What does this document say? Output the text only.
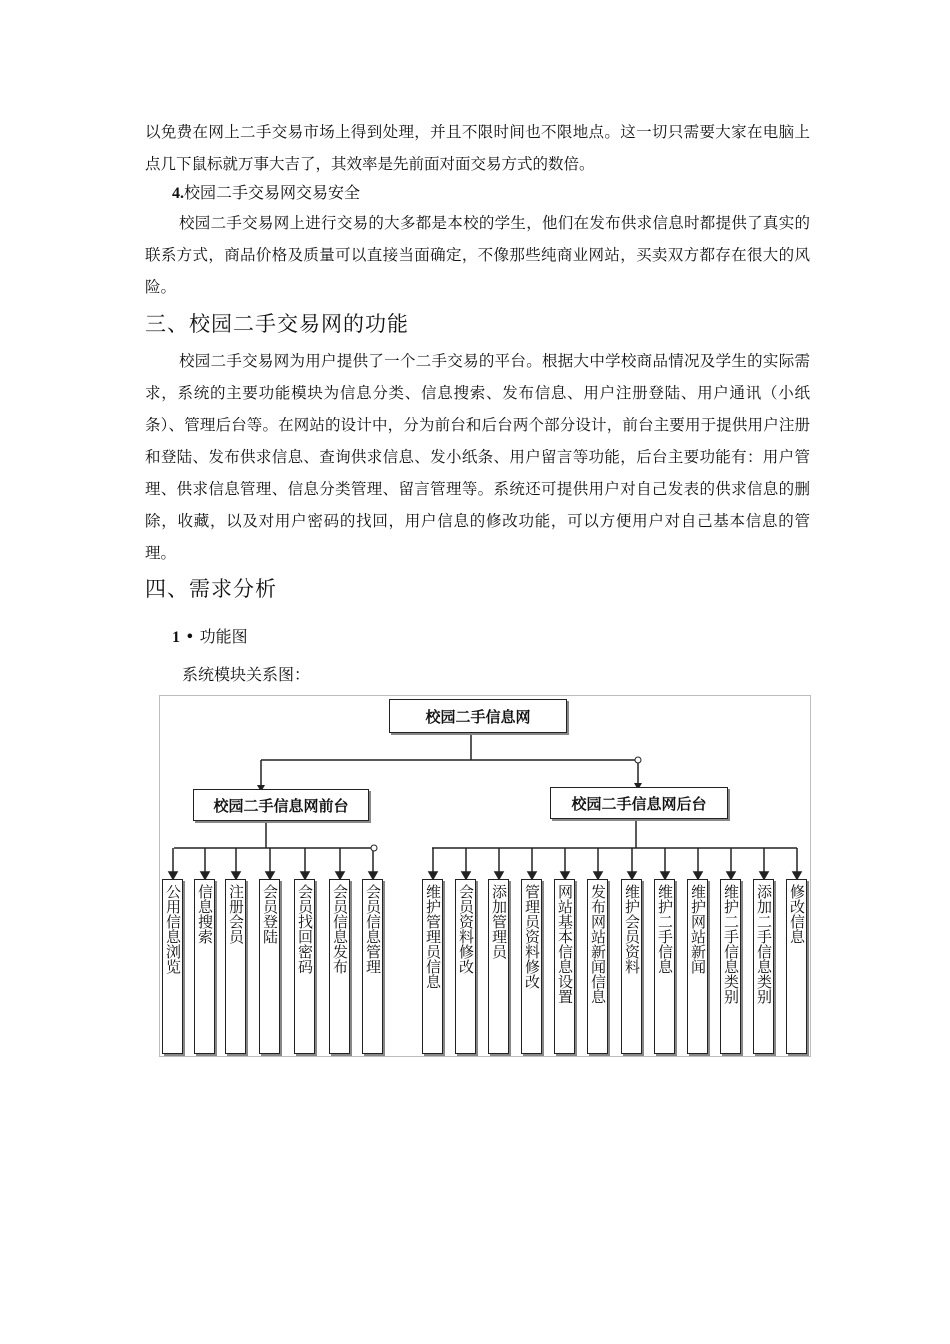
以免费在网上二手交易市场上得到处理，并且不限时间也不限地点。这一切只需要大家在电脑上点几下鼠标就万事大吉了，其效率是先前面对面交易方式的数倍。

4.校园二手交易网交易安全

校园二手交易网上进行交易的大多都是本校的学生，他们在发布供求信息时都提供了真实的联系方式，商品价格及质量可以直接当面确定，不像那些纯商业网站，买卖双方都存在很大的风险。

三、校园二手交易网的功能

校园二手交易网为用户提供了一个二手交易的平台。根据大中学校商品情况及学生的实际需求，系统的主要功能模块为信息分类、信息搜索、发布信息、用户注册登陆、用户通讯（小纸条）、管理后台等。在网站的设计中，分为前台和后台两个部分设计，前台主要用于提供用户注册和登陆、发布供求信息、查询供求信息、发小纸条、用户留言等功能，后台主要功能有：用户管理、供求信息管理、信息分类管理、留言管理等。系统还可提供用户对自己发表的供求信息的删除，收藏，以及对用户密码的找回，用户信息的修改功能，可以方便用户对自己基本信息的管理。

四、需求分析

1 • 功能图

系统模块关系图：

校园二手信息网
校园二手信息网前台	校园二手信息网后台
公用信息浏览 信息搜索 注册会员 会员登陆 会员找回密码 会员信息发布 会员信息管理	维护管理员信息 会员资料修改 添加管理员 管理员资料修改 网站基本信息设置 发布网站新闻信息 维护会员资料 维护二手信息 维护网站新闻 维护二手信息类别 添加二手信息类别 修改信息
